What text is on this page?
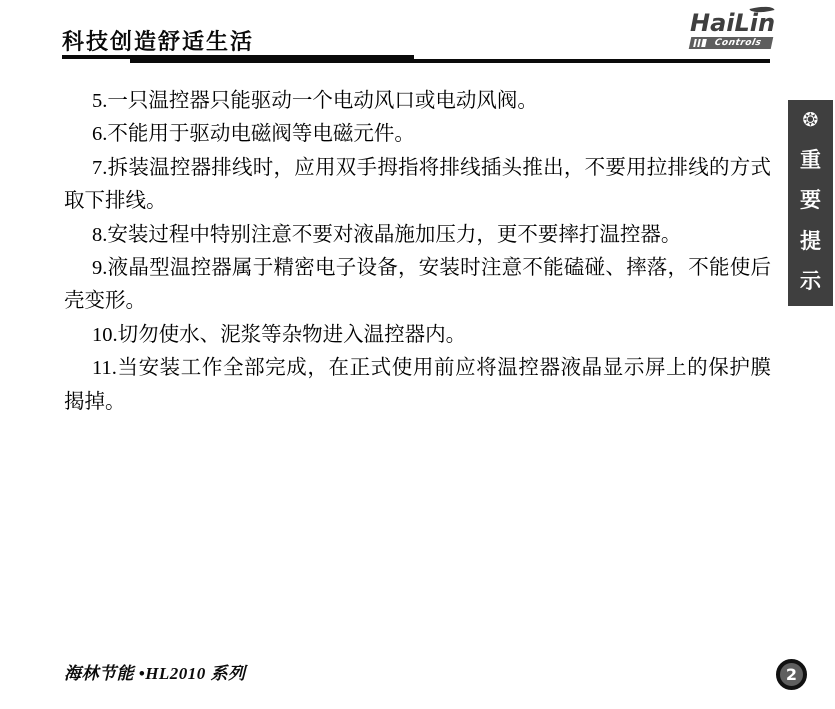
科技创造舒适生活
HaiLin
Controls
❂
重
要
提
示

5.一只温控器只能驱动一个电动风口或电动风阀。

6.不能用于驱动电磁阀等电磁元件。

7.拆装温控器排线时，应用双手拇指将排线插头推出，不要用拉排线的方式取下排线。

8.安装过程中特别注意不要对液晶施加压力，更不要摔打温控器。

9.液晶型温控器属于精密电子设备，安装时注意不能磕碰、摔落，不能使后壳变形。

10.切勿使水、泥浆等杂物进入温控器内。

11.当安装工作全部完成，在正式使用前应将温控器液晶显示屏上的保护膜揭掉。

海林节能 •HL2010 系列	2
